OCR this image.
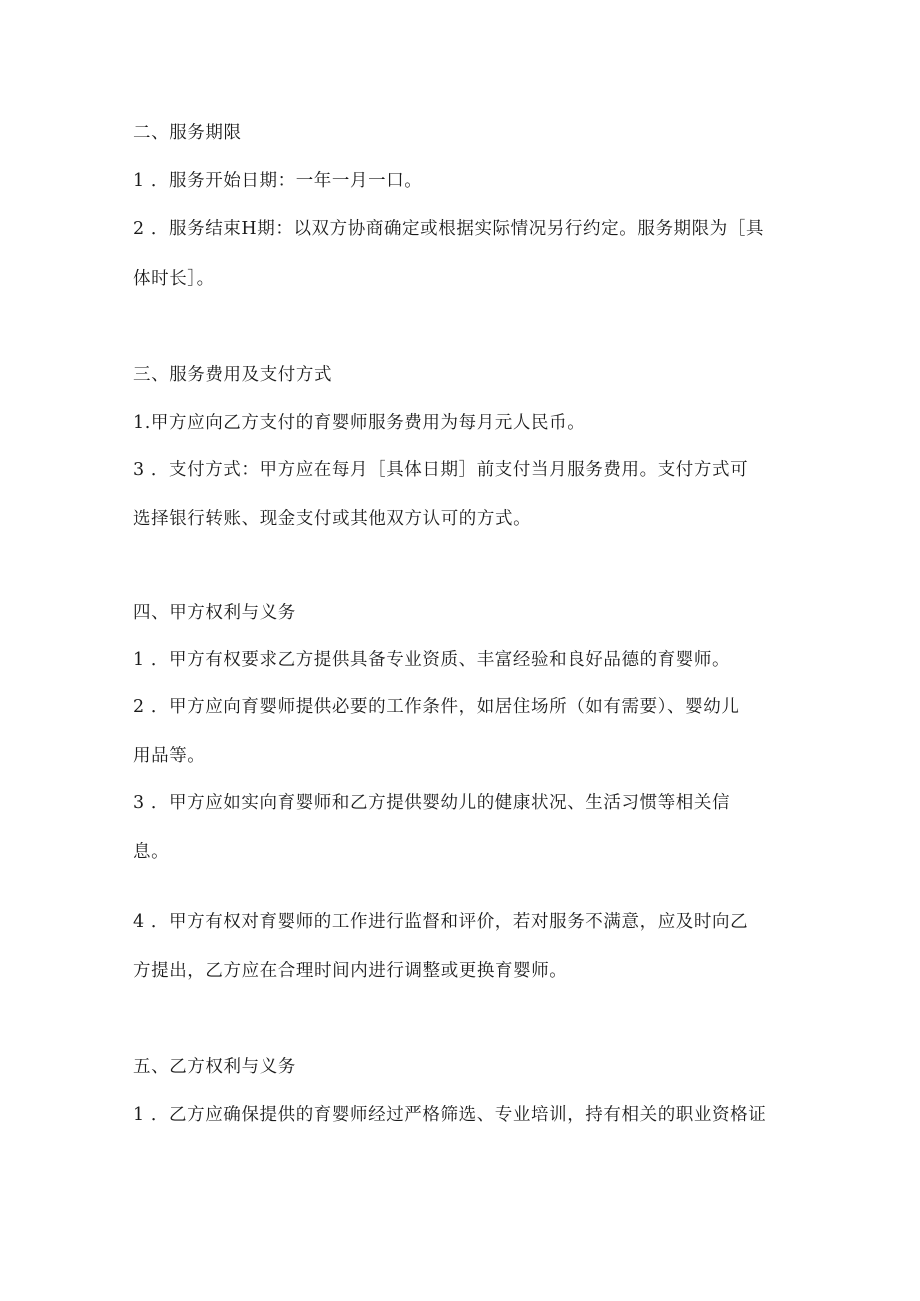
二、服务期限
1 ．服务开始日期：一年一月一口。
2 ．服务结束H期：以双方协商确定或根据实际情况另行约定。服务期限为［具
体时长］。
三、服务费用及支付方式
1.甲方应向乙方支付的育婴师服务费用为每月元人民币。
3 ．支付方式：甲方应在每月［具体日期］前支付当月服务费用。支付方式可
选择银行转账、现金支付或其他双方认可的方式。
四、甲方权利与义务
1 ．甲方有权要求乙方提供具备专业资质、丰富经验和良好品德的育婴师。
2 ．甲方应向育婴师提供必要的工作条件，如居住场所（如有需要）、婴幼儿
用品等。
3 ．甲方应如实向育婴师和乙方提供婴幼儿的健康状况、生活习惯等相关信
息。
4 ．甲方有权对育婴师的工作进行监督和评价，若对服务不满意，应及时向乙
方提出，乙方应在合理时间内进行调整或更换育婴师。
五、乙方权利与义务
1 ．乙方应确保提供的育婴师经过严格筛选、专业培训，持有相关的职业资格证
